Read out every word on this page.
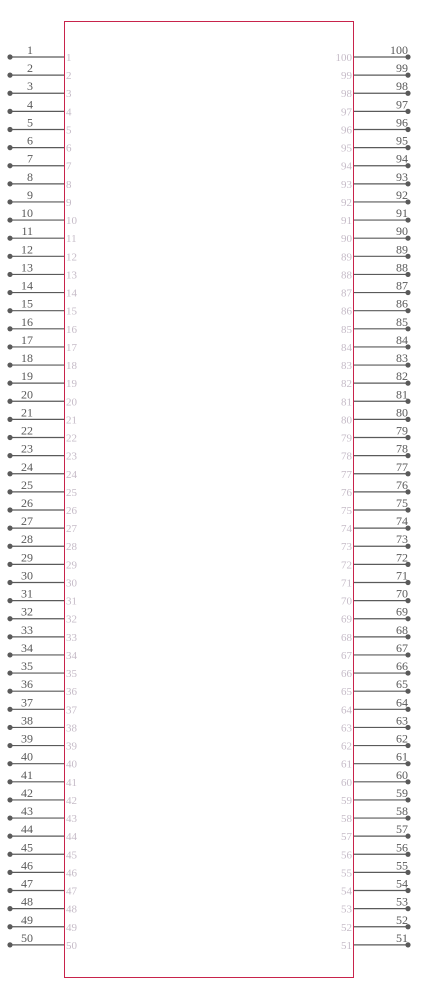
1
1
2
2
3
3
4
4
5
5
6
6
7
7
8
8
9
9
10
10
11
11
12
12
13
13
14
14
15
15
16
16
17
17
18
18
19
19
20
20
21
21
22
22
23
23
24
24
25
25
26
26
27
27
28
28
29
29
30
30
31
31
32
32
33
33
34
34
35
35
36
36
37
37
38
38
39
39
40
40
41
41
42
42
43
43
44
44
45
45
46
46
47
47
48
48
49
49
50
50
100
100
99
99
98
98
97
97
96
96
95
95
94
94
93
93
92
92
91
91
90
90
89
89
88
88
87
87
86
86
85
85
84
84
83
83
82
82
81
81
80
80
79
79
78
78
77
77
76
76
75
75
74
74
73
73
72
72
71
71
70
70
69
69
68
68
67
67
66
66
65
65
64
64
63
63
62
62
61
61
60
60
59
59
58
58
57
57
56
56
55
55
54
54
53
53
52
52
51
51
